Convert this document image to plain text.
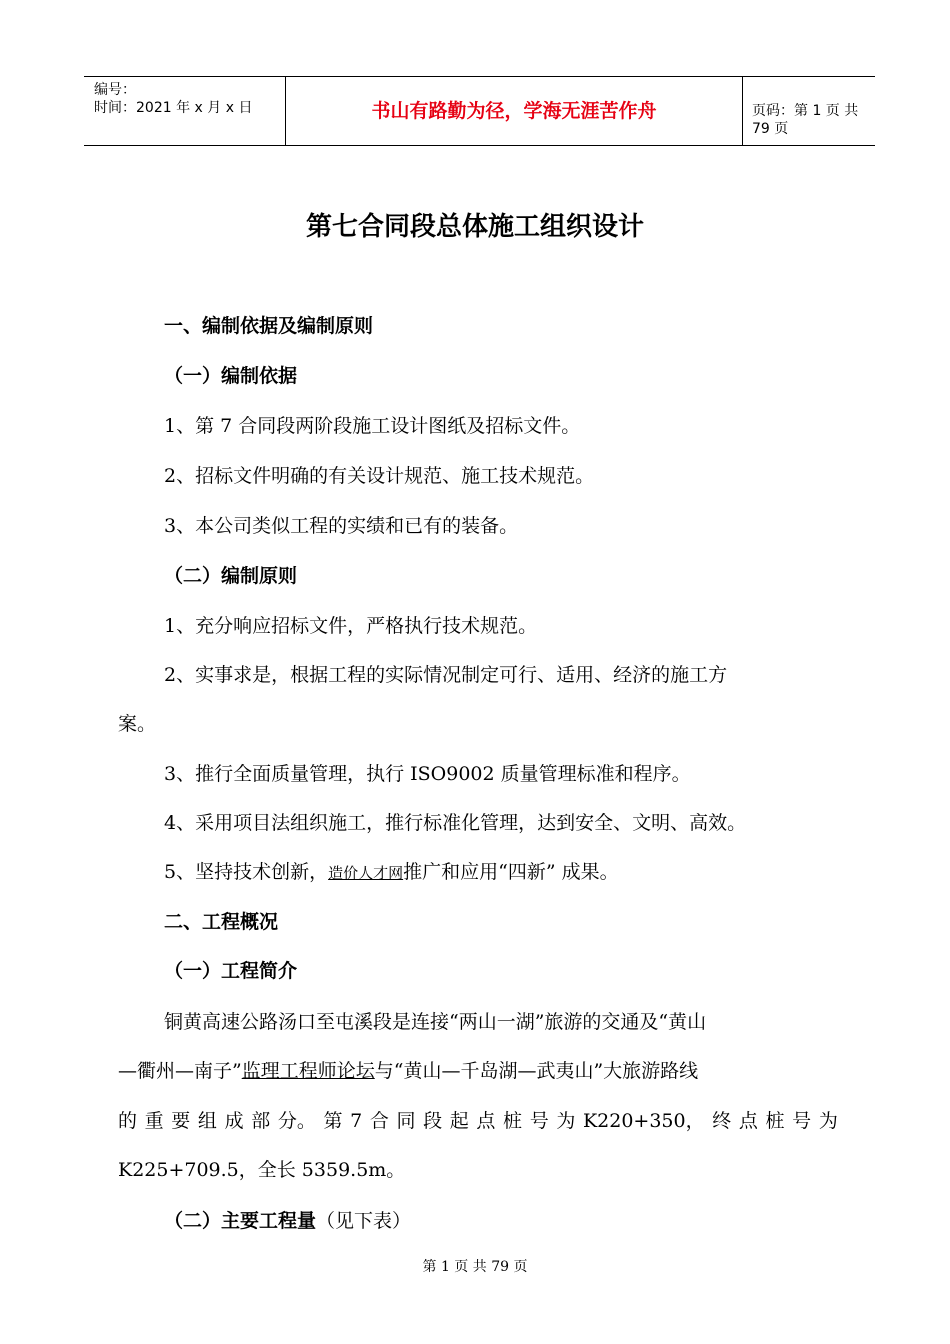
编号：
时间：2021 年 x 月 x 日	书山有路勤为径，学海无涯苦作舟	页码：第 1 页 共 79 页
第七合同段总体施工组织设计
一、编制依据及编制原则
（一）编制依据
1、第 7 合同段两阶段施工设计图纸及招标文件。
2、招标文件明确的有关设计规范、施工技术规范。
3、本公司类似工程的实绩和已有的装备。
（二）编制原则
1、充分响应招标文件，严格执行技术规范。
2、实事求是，根据工程的实际情况制定可行、适用、经济的施工方
案。
3、推行全面质量管理，执行 ISO9002 质量管理标准和程序。
4、采用项目法组织施工，推行标准化管理，达到安全、文明、高效。
5、坚持技术创新，造价人才网推广和应用“四新” 成果。
二、工程概况
（一）工程简介
铜黄高速公路汤口至屯溪段是连接“两山一湖”旅游的交通及“黄山
—衢州—南子”监理工程师论坛与“黄山—千岛湖—武夷山”大旅游路线
的 重 要 组 成 部 分。 第 7 合 同 段 起 点 桩 号 为 K220+350， 终 点 桩 号 为
K225+709.5，全长 5359.5m。
（二）主要工程量（见下表）
第 1 页 共 79 页
